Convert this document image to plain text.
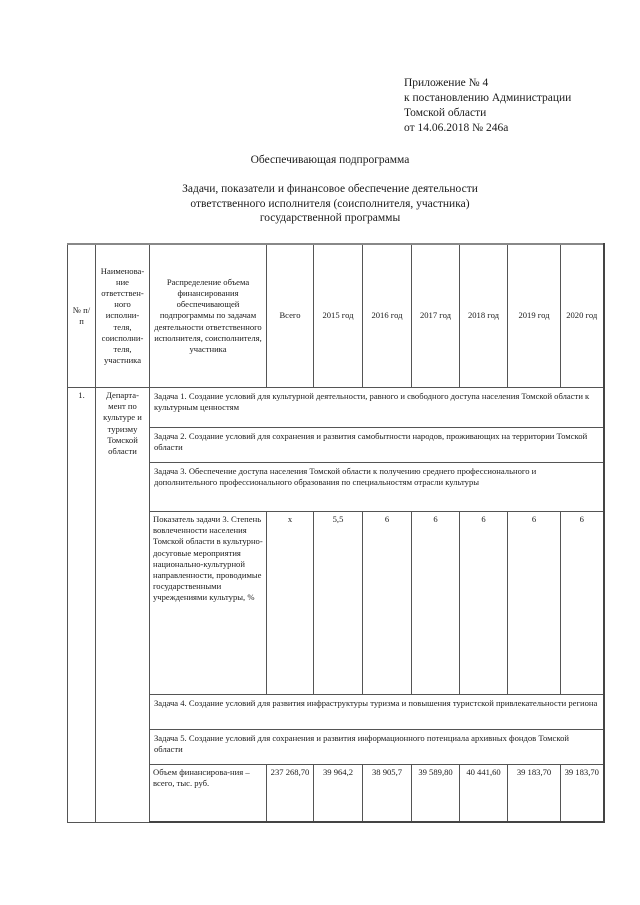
Приложение № 4
к постановлению Администрации
Томской области
от 14.06.2018 № 246а
Обеспечивающая подпрограмма
Задачи, показатели и финансовое обеспечение деятельности
ответственного исполнителя (соисполнителя, участника)
государственной программы
№ п/п	Наименова-ние ответствен-ного исполни-теля, соисполни-теля, участника	Распределение объема финансирования обеспечивающей подпрограммы по задачам деятельности ответственного исполнителя, соисполнителя, участника	Всего	2015 год	2016 год	2017 год	2018 год	2019 год	2020 год
1.	Департа-мент по культуре и туризму Томской области	Задача 1. Создание условий для культурной деятельности, равного и свободного доступа населения Томской области к культурным ценностям							
		Задача 2. Создание условий для сохранения и развития самобытности народов, проживающих на территории Томской области							
		Задача 3. Обеспечение доступа населения Томской области к получению среднего профессионального и дополнительного профессионального образования по специальностям отрасли культуры							
		Показатель задачи 3. Степень вовлеченности населения Томской области в культурно-досуговые мероприятия национально-культурной направленности, проводимые государственными учреждениями культуры, %	х	5,5	6	6	6	6	6
		Задача 4. Создание условий для развития инфраструктуры туризма и повышения туристской привлекательности региона							
		Задача 5. Создание условий для сохранения и развития информационного потенциала архивных фондов Томской области							
		Объем финансирова-ния – всего, тыс. руб.	237 268,70	39 964,2	38 905,7	39 589,80	40 441,60	39 183,70	39 183,70
